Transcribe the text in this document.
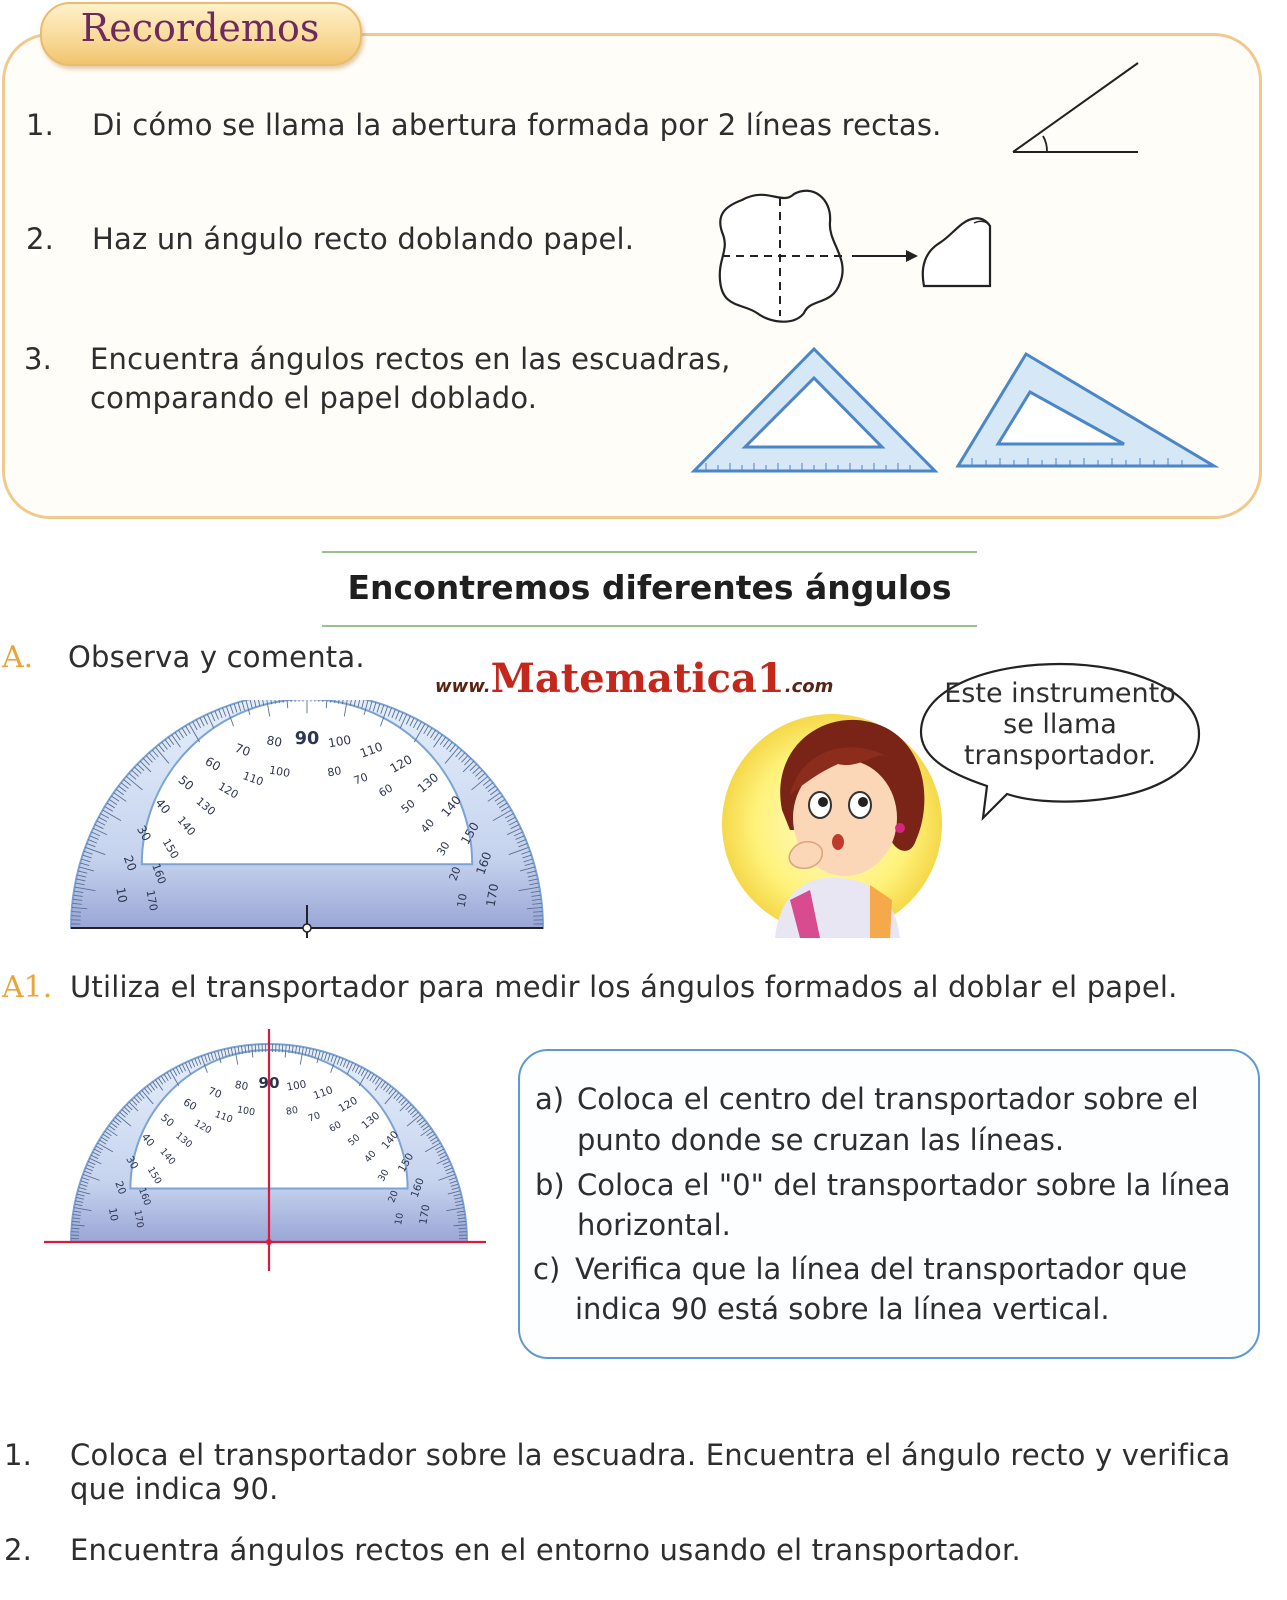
Recordemos
1. Di cómo se llama la abertura formada por 2 líneas rectas.
2. Haz un ángulo recto doblando papel.
3. Encuentra ángulos rectos en las escuadras,
comparando el papel doblado.
Encontremos diferentes ángulos
A. Observa y comenta.
www.Matematica1.com
10
20
30
40
50
60
70 80 90 100 110
120
130
140
150
160
170
170
160
150
140
130
120
110 100	80 70
60
50
40
30
20
10
Este instrumento
se llama
transportador.
A1. Utiliza el transportador para medir los ángulos formados al doblar el papel.
10
20
30
40
50
60
70 80 90 100 110
120
130
140
150
160
170
170
160
150
140
130
120
110 100	80 70
60
50
40
30
20
10
a) Coloca el centro del transportador sobre el
punto donde se cruzan las líneas.
b) Coloca el "0" del transportador sobre la línea
horizontal.
c) Verifica que la línea del transportador que
indica 90 está sobre la línea vertical.
1. Coloca el transportador sobre la escuadra. Encuentra el ángulo recto y verifica
que indica 90.
2. Encuentra ángulos rectos en el entorno usando el transportador.
